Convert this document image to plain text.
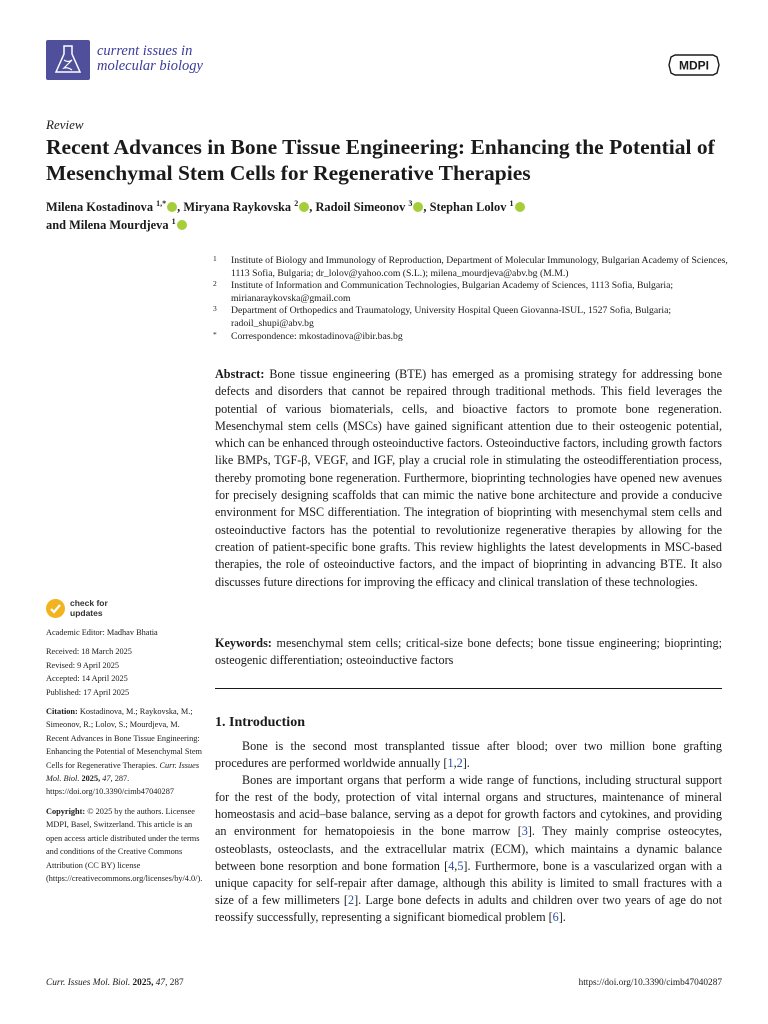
current issues in
molecular biology	MDPI
Review
Recent Advances in Bone Tissue Engineering: Enhancing the Potential of Mesenchymal Stem Cells for Regenerative Therapies
Milena Kostadinova $^{1,*}$ , Miryana Raykovska $^2$ , Radoil Simeonov $^3$ , Stephan Lolov $^1$
and Milena Mourdjeva $^1$
1 Institute of Biology and Immunology of Reproduction, Department of Molecular Immunology, Bulgarian Academy of Sciences, 1113 Sofia, Bulgaria; dr_lolov@yahoo.com (S.L.); milena_mourdjeva@abv.bg (M.M.)
2 Institute of Information and Communication Technologies, Bulgarian Academy of Sciences, 1113 Sofia, Bulgaria; mirianaraykovska@gmail.com
3 Department of Orthopedics and Traumatology, University Hospital Queen Giovanna-ISUL, 1527 Sofia, Bulgaria; radoil_shupi@abv.bg
* Correspondence: mkostadinova@ibir.bas.bg
Abstract: Bone tissue engineering (BTE) has emerged as a promising strategy for addressing bone defects and disorders that cannot be repaired through traditional methods. This field leverages the potential of various biomaterials, cells, and bioactive factors to promote bone regeneration. Mesenchymal stem cells (MSCs) have gained significant attention due to their osteogenic potential, which can be enhanced through osteoinductive factors. Osteoinductive factors, including growth factors like BMPs, TGF-β, VEGF, and IGF, play a crucial role in stimulating the osteodifferentiation process, thereby promoting bone regeneration. Furthermore, bioprinting technologies have opened new avenues for precisely designing scaffolds that can mimic the native bone architecture and provide a conducive environment for MSC differentiation. The integration of bioprinting with mesenchymal stem cells and osteoinductive factors has the potential to revolutionize regenerative therapies by allowing for the creation of patient-specific bone grafts. This review highlights the latest developments in MSC-based therapies, the role of osteoinductive factors, and the impact of bioprinting in advancing BTE. It also discusses future directions for improving the efficacy and clinical translation of these technologies.
Keywords: mesenchymal stem cells; critical-size bone defects; bone tissue engineering; bioprinting; osteogenic differentiation; osteoinductive factors
1. Introduction

Bone is the second most transplanted tissue after blood; over two million bone grafting procedures are performed worldwide annually [1,2].

Bones are important organs that perform a wide range of functions, including structural support for the rest of the body, protection of vital internal organs and structures, maintenance of mineral homeostasis and acid–base balance, serving as a depot for growth factors and cytokines, and providing an environment for hematopoiesis in the bone marrow [3]. They mainly comprise osteocytes, osteoblasts, osteoclasts, and the extracellular matrix (ECM), which maintains a dynamic balance between bone resorption and bone formation [4,5]. Furthermore, bone is a vascularized organ with a unique capacity for self-repair after damage, although this ability is limited to small fractures with a size of a few millimeters [2]. Large bone defects in adults and children over two years of age do not reossify successfully, representing a significant biomedical problem [6].

check for
updates
Academic Editor: Madhav Bhatia
Received: 18 March 2025
Revised: 9 April 2025
Accepted: 14 April 2025
Published: 17 April 2025
Citation: Kostadinova, M.; Raykovska, M.; Simeonov, R.; Lolov, S.; Mourdjeva, M. Recent Advances in Bone Tissue Engineering: Enhancing the Potential of Mesenchymal Stem Cells for Regenerative Therapies. Curr. Issues Mol. Biol. 2025, 47, 287. https://doi.org/10.3390/cimb47040287
Copyright: © 2025 by the authors. Licensee MDPI, Basel, Switzerland. This article is an open access article distributed under the terms and conditions of the Creative Commons Attribution (CC BY) license (https://creativecommons.org/licenses/by/4.0/).
Curr. Issues Mol. Biol. 2025, 47, 287	https://doi.org/10.3390/cimb47040287
